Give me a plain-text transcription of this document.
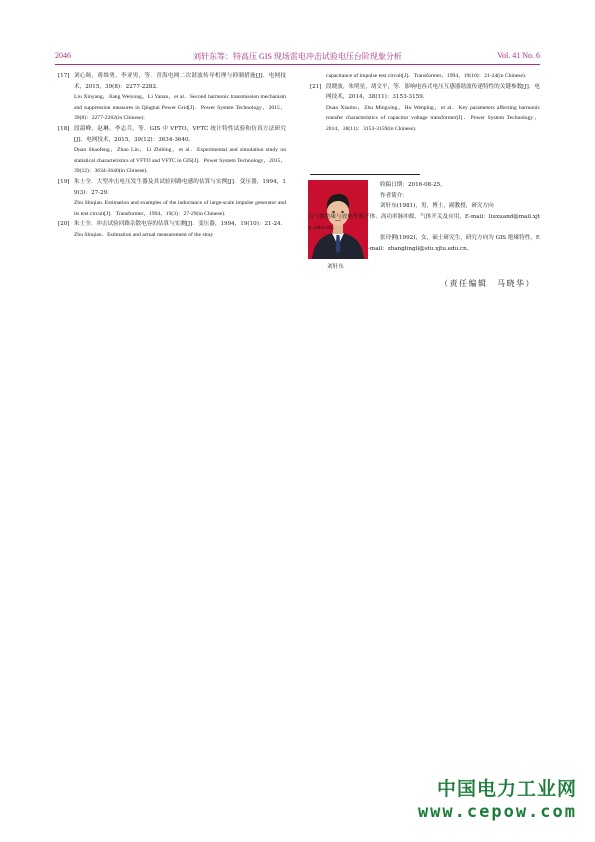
2046	刘轩东等：特高压 GIS 现场雷电冲击试验电压台阶现象分析	Vol. 41 No. 6
[17] 刘心旸，蒋维勇，李亚男，等．青海电网二次谐波传导机理与抑制措施[J]．电网技术，2015，39(8)：2277-2282.

Liu Xinyang，Jiang Weiyong，Li Yanan，et al．Second harmonic transmission mechanism and suppression measures in Qinghai Power Grid[J]．Power System Technology，2015，39(8)：2277-2282(in Chinese).

[18] 段韶峰，赵琳，李志兵，等．GIS 中 VFTO、VFTC 统计特性试验和仿真方法研究[J]．电网技术，2015，39(12)：3634-3640.

Duan Shaofeng，Zhao Lin，Li Zhibing，et al．Experimental and simulation study on statistical characteristics of VFTO and VFTC in GIS[J]．Power System Technology，2015，39(12)：3634-3640(in Chinese).

[19] 朱士全．大型冲击电压发生器及其试验回路电感的估算与实例[J]．变压器，1994，19(3)：27-29.

Zhu Shiqian. Estimation and examples of the inductance of large-scale impulse generator and its test circuit[J]．Transformer，1994，19(3)：27-29(in Chinese).

[20] 朱士全．冲击试验回路杂散电容的估算与实测[J]．变压器，1994，19(10)：21-24.

Zhu Shiqian．Estimation and actual measurement of the stray

capacitance of impulse test circuit[J]．Transformer，1994，19(10)：21-24(in Chinese).

[21] 段晓波，朱明星，胡文平，等．影响电容式电压互感器谐波传递特性的关键参数[J]．电网技术，2014，38(11)：3153-3159.

Duan Xiaobo，Zhu Mingxing，Hu Wenping，et al．Key parameters affecting harmonic transfer characteristics of capacitor voltage transformer[J]．Power System Technology，2014，38(11)：3153-3159(in Chinese).

刘轩东

收稿日期：2016-08-25。

作者简介：

刘轩东(1981)，男，博士，副教授，研究方向

为气体绝缘与放电等离子体、高功率脉冲源、气体开关及应用，E-mail：liuxuand@mail.xjtu.edu.cn；

张玲俐(1992)，女，硕士研究生，研究方向为 GIS 绝缘特性，E-mail：zhanglingli@stu.xjtu.edu.cn。

（责任编辑　马晓华）
中国电力工业网
www.cepow.com
